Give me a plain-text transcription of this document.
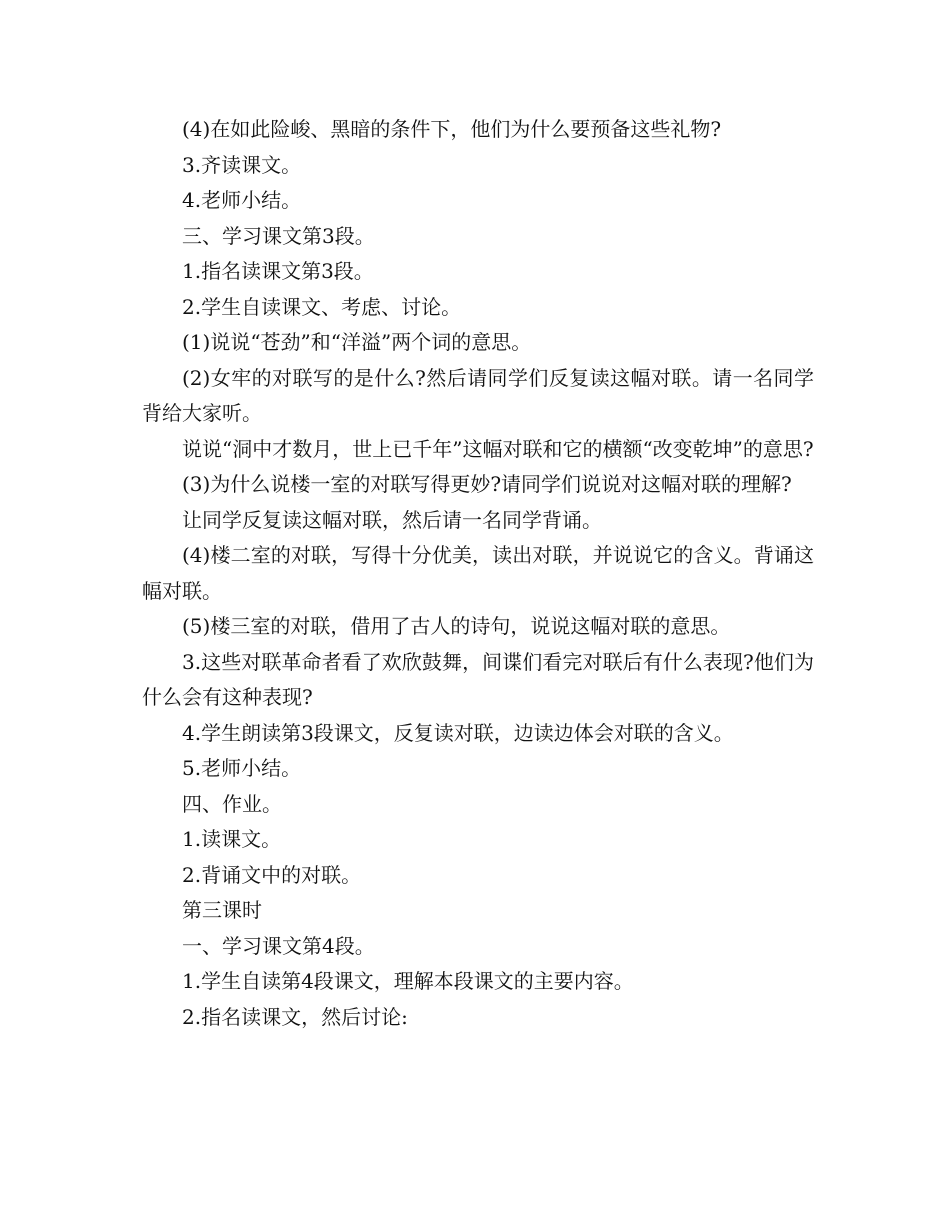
(4)在如此险峻、黑暗的条件下，他们为什么要预备这些礼物?

3.齐读课文。

4.老师小结。

三、学习课文第3段。

1.指名读课文第3段。

2.学生自读课文、考虑、讨论。

(1)说说“苍劲”和“洋溢”两个词的意思。

(2)女牢的对联写的是什么?然后请同学们反复读这幅对联。请一名同学背给大家听。

说说“洞中才数月，世上已千年”这幅对联和它的横额“改变乾坤”的意思?

(3)为什么说楼一室的对联写得更妙?请同学们说说对这幅对联的理解?

让同学反复读这幅对联，然后请一名同学背诵。

(4)楼二室的对联，写得十分优美，读出对联，并说说它的含义。背诵这幅对联。

(5)楼三室的对联，借用了古人的诗句，说说这幅对联的意思。

3.这些对联革命者看了欢欣鼓舞，间谍们看完对联后有什么表现?他们为什么会有这种表现?

4.学生朗读第3段课文，反复读对联，边读边体会对联的含义。

5.老师小结。

四、作业。

1.读课文。

2.背诵文中的对联。

第三课时

一、学习课文第4段。

1.学生自读第4段课文，理解本段课文的主要内容。

2.指名读课文，然后讨论:
